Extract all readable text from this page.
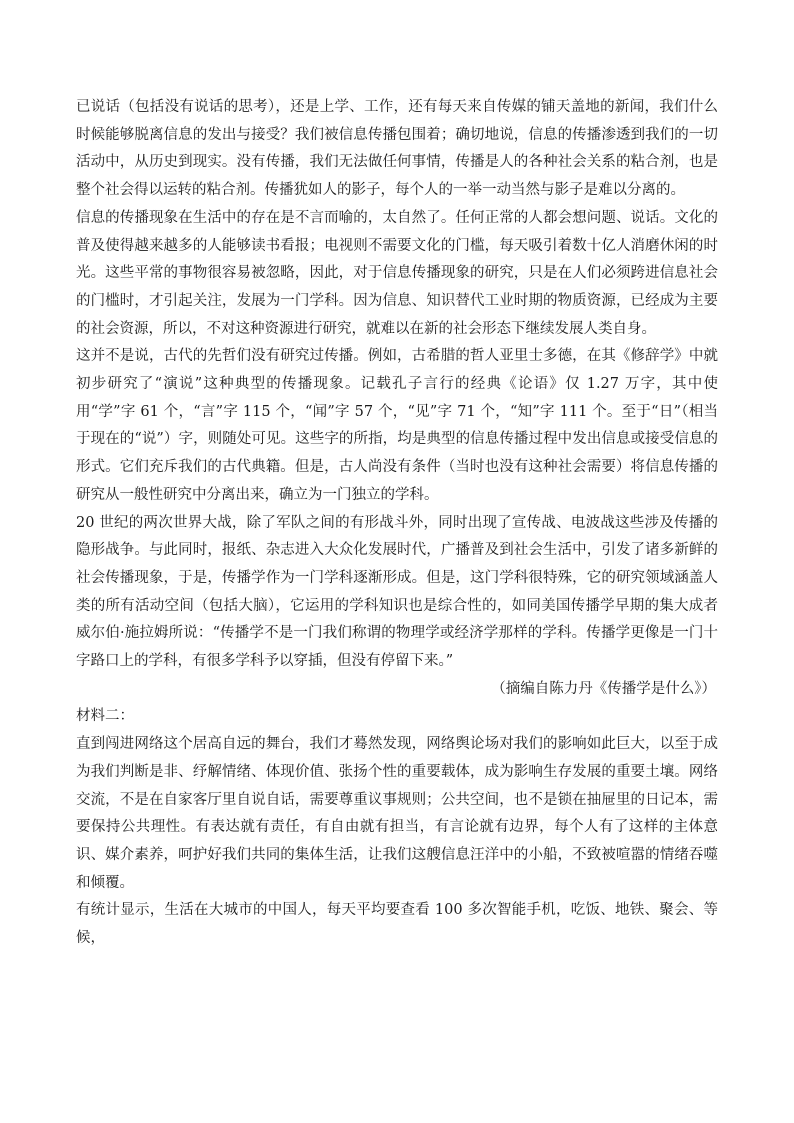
已说话（包括没有说话的思考），还是上学、工作，还有每天来自传媒的铺天盖地的新闻，我们什么时候能够脱离信息的发出与接受？我们被信息传播包围着；确切地说，信息的传播渗透到我们的一切活动中，从历史到现实。没有传播，我们无法做任何事情，传播是人的各种社会关系的粘合剂，也是整个社会得以运转的粘合剂。传播犹如人的影子，每个人的一举一动当然与影子是难以分离的。

信息的传播现象在生活中的存在是不言而喻的，太自然了。任何正常的人都会想问题、说话。文化的普及使得越来越多的人能够读书看报；电视则不需要文化的门槛，每天吸引着数十亿人消磨休闲的时光。这些平常的事物很容易被忽略，因此，对于信息传播现象的研究，只是在人们必须跨进信息社会的门槛时，才引起关注，发展为一门学科。因为信息、知识替代工业时期的物质资源，已经成为主要的社会资源，所以，不对这种资源进行研究，就难以在新的社会形态下继续发展人类自身。

这并不是说，古代的先哲们没有研究过传播。例如，古希腊的哲人亚里士多德，在其《修辞学》中就初步研究了“演说”这种典型的传播现象。记载孔子言行的经典《论语》仅 1.27 万字，其中使用“学”字 61 个，“言”字 115 个，“闻”字 57 个，“见”字 71 个，“知”字 111 个。至于“日”（相当于现在的“说”）字，则随处可见。这些字的所指，均是典型的信息传播过程中发出信息或接受信息的形式。它们充斥我们的古代典籍。但是，古人尚没有条件（当时也没有这种社会需要）将信息传播的研究从一般性研究中分离出来，确立为一门独立的学科。

20 世纪的两次世界大战，除了军队之间的有形战斗外，同时出现了宣传战、电波战这些涉及传播的隐形战争。与此同时，报纸、杂志进入大众化发展时代，广播普及到社会生活中，引发了诸多新鲜的社会传播现象，于是，传播学作为一门学科逐渐形成。但是，这门学科很特殊，它的研究领域涵盖人类的所有活动空间（包括大脑），它运用的学科知识也是综合性的，如同美国传播学早期的集大成者威尔伯·施拉姆所说：“传播学不是一门我们称谓的物理学或经济学那样的学科。传播学更像是一门十字路口上的学科，有很多学科予以穿插，但没有停留下来。”

（摘编自陈力丹《传播学是什么》）

材料二：

直到闯进网络这个居高自远的舞台，我们才蓦然发现，网络舆论场对我们的影响如此巨大，以至于成为我们判断是非、纾解情绪、体现价值、张扬个性的重要载体，成为影响生存发展的重要土壤。网络交流，不是在自家客厅里自说自话，需要尊重议事规则；公共空间，也不是锁在抽屉里的日记本，需要保持公共理性。有表达就有责任，有自由就有担当，有言论就有边界，每个人有了这样的主体意识、媒介素养，呵护好我们共同的集体生活，让我们这艘信息汪洋中的小船，不致被喧嚣的情绪吞噬和倾覆。

有统计显示，生活在大城市的中国人，每天平均要查看 100 多次智能手机，吃饭、地铁、聚会、等候，
